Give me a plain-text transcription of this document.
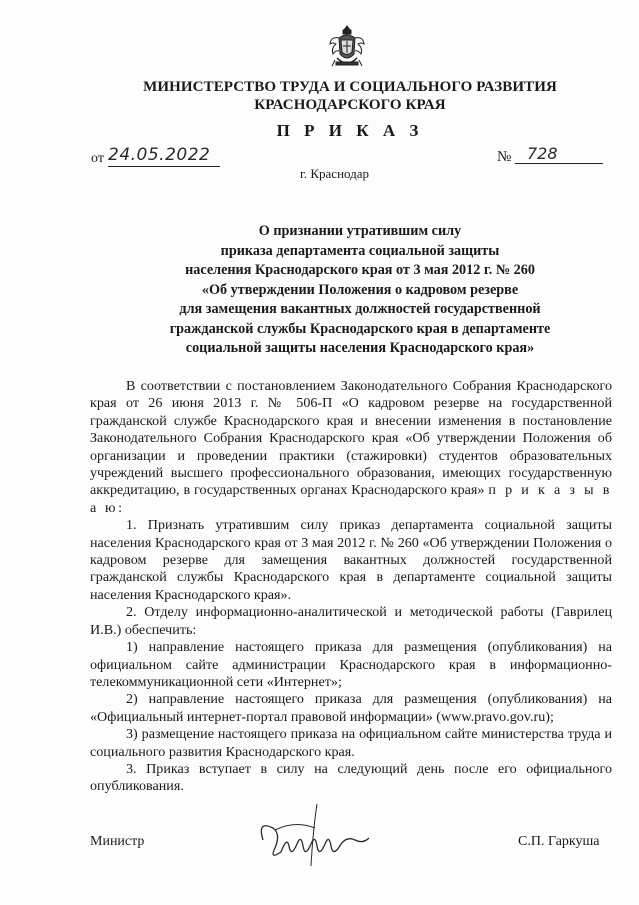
МИНИСТЕРСТВО ТРУДА И СОЦИАЛЬНОГО РАЗВИТИЯ
КРАСНОДАРСКОГО КРАЯ
П Р И К А З
от 24.05.2022	№ 728
г. Краснодар
О признании утратившим силу
приказа департамента социальной защиты
населения Краснодарского края от 3 мая 2012 г. № 260
«Об утверждении Положения о кадровом резерве
для замещения вакантных должностей государственной
гражданской службы Краснодарского края в департаменте
социальной защиты населения Краснодарского края»

В соответствии с постановлением Законодательного Собрания Краснодарского края от 26 июня 2013 г. № 506-П «О кадровом резерве на государственной гражданской службе Краснодарского края и внесении изменения в постановление Законодательного Собрания Краснодарского края «Об утверждении Положения об организации и проведении практики (стажировки) студентов образовательных учреждений высшего профессионального образования, имеющих государственную аккредитацию, в государственных органах Краснодарского края» п р и к а з ы в а ю:

1. Признать утратившим силу приказ департамента социальной защиты населения Краснодарского края от 3 мая 2012 г. № 260 «Об утверждении Положения о кадровом резерве для замещения вакантных должностей государственной гражданской службы Краснодарского края в департаменте социальной защиты населения Краснодарского края».

2. Отделу информационно-аналитической и методической работы (Гаврилец И.В.) обеспечить:

1) направление настоящего приказа для размещения (опубликования) на официальном сайте администрации Краснодарского края в информационно-телекоммуникационной сети «Интернет»;

2) направление настоящего приказа для размещения (опубликования) на «Официальный интернет-портал правовой информации» (www.pravo.gov.ru);

3) размещение настоящего приказа на официальном сайте министерства труда и социального развития Краснодарского края.

3. Приказ вступает в силу на следующий день после его официального опубликования.

Министр	С.П. Гаркуша
